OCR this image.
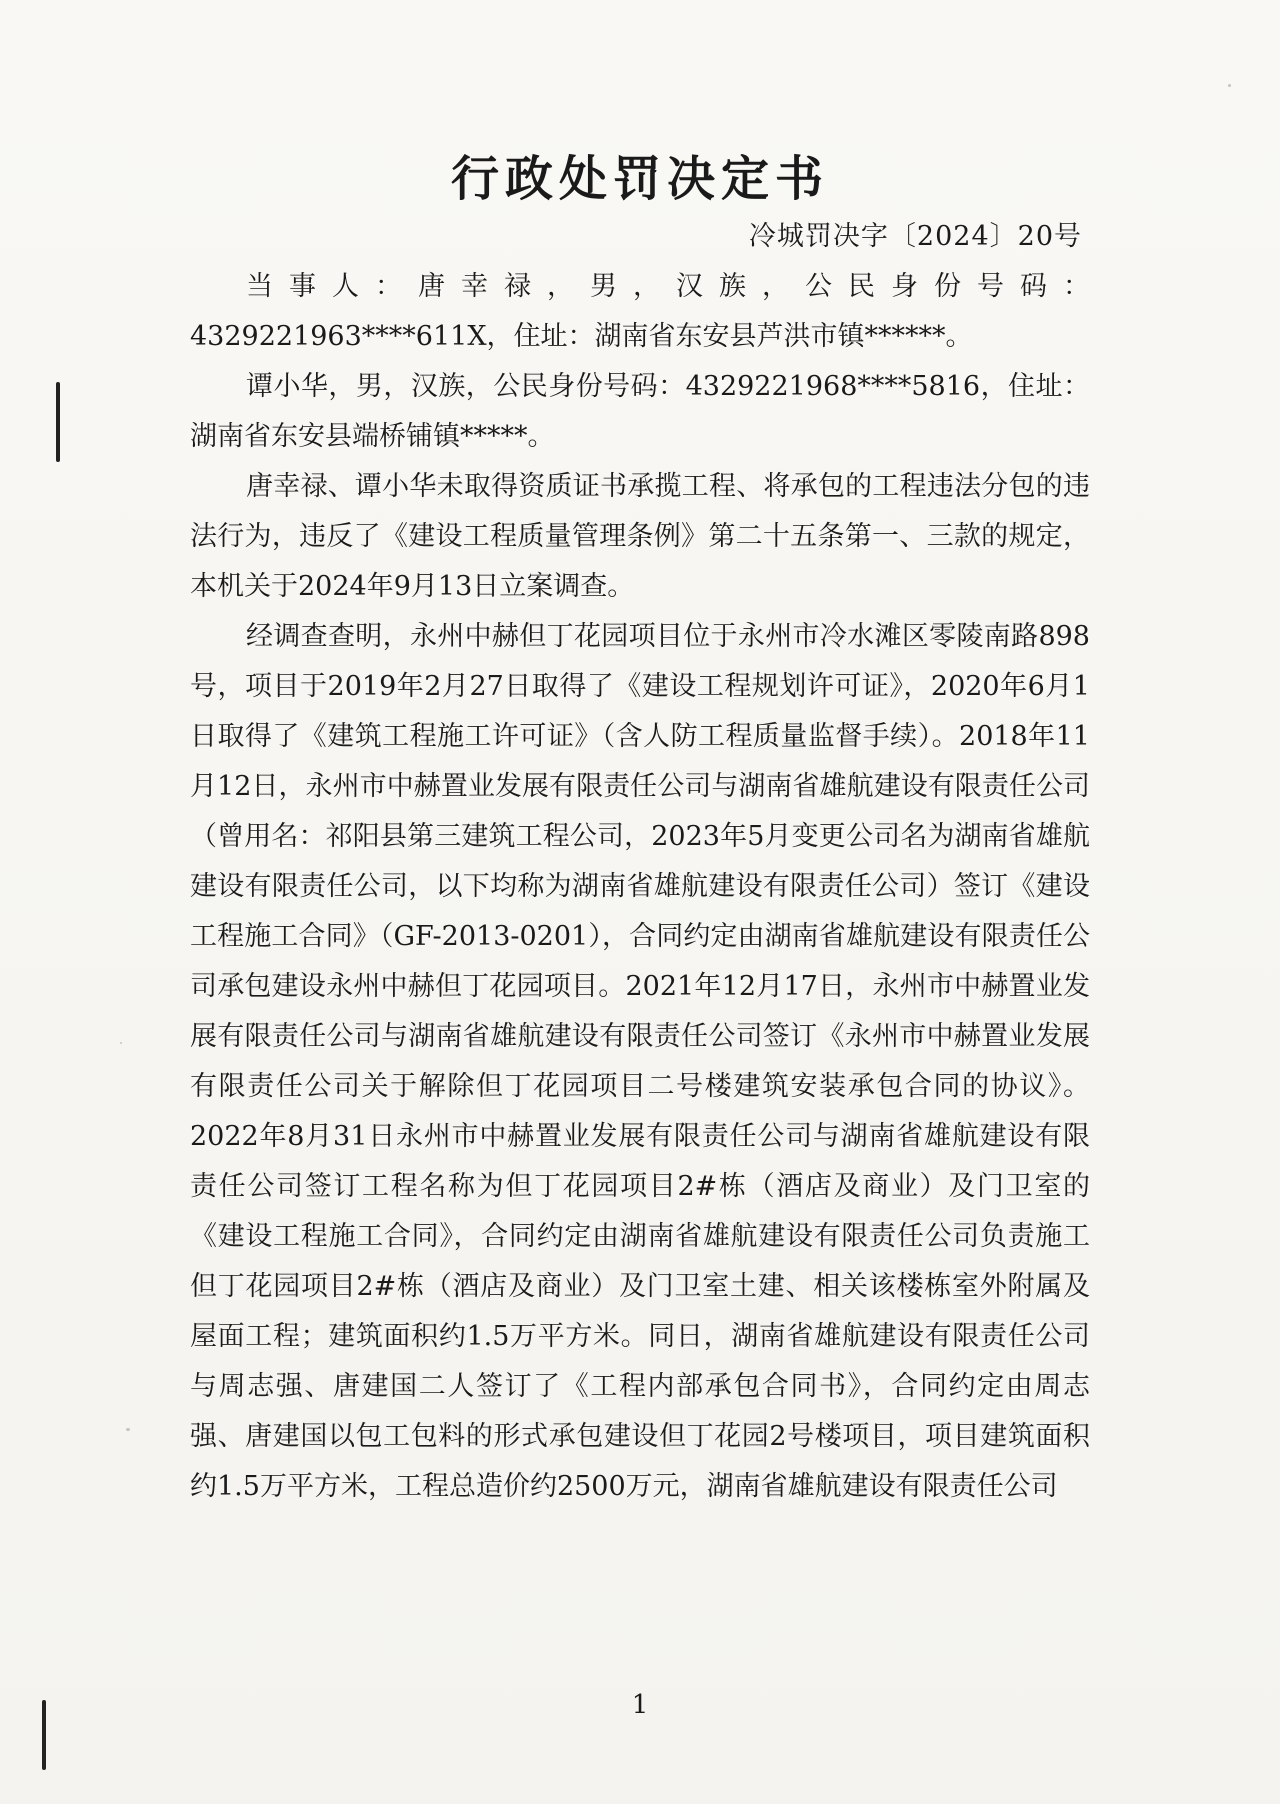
行政处罚决定书
冷城罚决字〔2024〕20号

当事人：唐幸禄，男，汉族，公民身份号码：4329221963****611X，住址：湖南省东安县芦洪市镇******。

谭小华，男，汉族，公民身份号码：4329221968****5816，住址：湖南省东安县端桥铺镇*****。

唐幸禄、谭小华未取得资质证书承揽工程、将承包的工程违法分包的违法行为，违反了《建设工程质量管理条例》第二十五条第一、三款的规定，本机关于2024年9月13日立案调查。

经调查查明，永州中赫但丁花园项目位于永州市冷水滩区零陵南路898号，项目于2019年2月27日取得了《建设工程规划许可证》，2020年6月1日取得了《建筑工程施工许可证》（含人防工程质量监督手续）。2018年11月12日，永州市中赫置业发展有限责任公司与湖南省雄航建设有限责任公司（曾用名：祁阳县第三建筑工程公司，2023年5月变更公司名为湖南省雄航建设有限责任公司，以下均称为湖南省雄航建设有限责任公司）签订《建设工程施工合同》（GF-2013-0201），合同约定由湖南省雄航建设有限责任公司承包建设永州中赫但丁花园项目。2021年12月17日，永州市中赫置业发展有限责任公司与湖南省雄航建设有限责任公司签订《永州市中赫置业发展有限责任公司关于解除但丁花园项目二号楼建筑安装承包合同的协议》。2022年8月31日永州市中赫置业发展有限责任公司与湖南省雄航建设有限责任公司签订工程名称为但丁花园项目2#栋（酒店及商业）及门卫室的《建设工程施工合同》，合同约定由湖南省雄航建设有限责任公司负责施工但丁花园项目2#栋（酒店及商业）及门卫室土建、相关该楼栋室外附属及屋面工程；建筑面积约1.5万平方米。同日，湖南省雄航建设有限责任公司与周志强、唐建国二人签订了《工程内部承包合同书》，合同约定由周志强、唐建国以包工包料的形式承包建设但丁花园2号楼项目，项目建筑面积约1.5万平方米，工程总造价约2500万元，湖南省雄航建设有限责任公司

1
